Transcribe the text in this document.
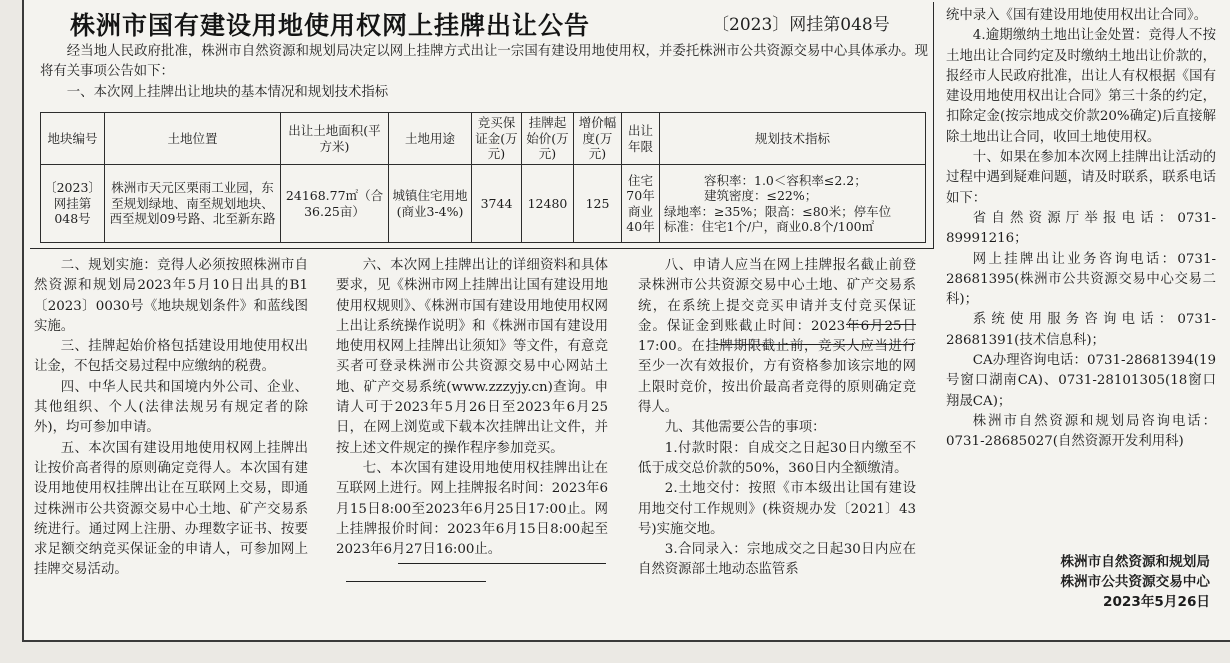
株洲市国有建设用地使用权网上挂牌出让公告	〔2023〕网挂第048号

经当地人民政府批准，株洲市自然资源和规划局决定以网上挂牌方式出让一宗国有建设用地使用权，并委托株洲市公共资源交易中心具体承办。现将有关事项公告如下：

一、本次网上挂牌出让地块的基本情况和规划技术指标

地块编号	土地位置	出让土地面积(平方米)	土地用途	竞买保证金(万元)	挂牌起始价(万元)	增价幅度(万元)	出让年限	规划技术指标
〔2023〕网挂第048号	株洲市天元区栗雨工业园，东至规划绿地、南至规划地块、西至规划09号路、北至新东路	24168.77㎡（合36.25亩）	城镇住宅用地(商业3-4%)	3744	12480	125	住宅70年商业40年	容积率：1.0＜容积率≤2.2；
建筑密度：≤22%；
绿地率：≥35%；限高：≤80米；停车位
标准：住宅1个/户，商业0.8个/100㎡

二、规划实施：竞得人必须按照株洲市自然资源和规划局2023年5月10日出具的B1〔2023〕0030号《地块规划条件》和蓝线图实施。

三、挂牌起始价格包括建设用地使用权出让金，不包括交易过程中应缴纳的税费。

四、中华人民共和国境内外公司、企业、其他组织、个人(法律法规另有规定者的除外)，均可参加申请。

五、本次国有建设用地使用权网上挂牌出让按价高者得的原则确定竞得人。本次国有建设用地使用权挂牌出让在互联网上交易，即通过株洲市公共资源交易中心土地、矿产交易系统进行。通过网上注册、办理数字证书、按要求足额交纳竞买保证金的申请人，可参加网上挂牌交易活动。

六、本次网上挂牌出让的详细资料和具体要求，见《株洲市网上挂牌出让国有建设用地使用权规则》、《株洲市国有建设用地使用权网上出让系统操作说明》和《株洲市国有建设用地使用权网上挂牌出让须知》等文件，有意竞买者可登录株洲市公共资源交易中心网站土地、矿产交易系统(www.zzzyjy.cn)查询。申请人可于2023年5月26日至2023年6月25日，在网上浏览或下载本次挂牌出让文件，并按上述文件规定的操作程序参加竞买。

七、本次国有建设用地使用权挂牌出让在互联网上进行。网上挂牌报名时间：2023年6月15日8:00至2023年6月25日17:00止。网上挂牌报价时间：2023年6月15日8:00起至2023年6月27日16:00止。

八、申请人应当在网上挂牌报名截止前登录株洲市公共资源交易中心土地、矿产交易系统，在系统上提交竞买申请并支付竞买保证金。保证金到账截止时间：2023年6月25日17:00。在挂牌期限截止前，竞买人应当进行至少一次有效报价，方有资格参加该宗地的网上限时竞价，按出价最高者竞得的原则确定竞得人。

九、其他需要公告的事项：

1.付款时限：自成交之日起30日内缴至不低于成交总价款的50%，360日内全额缴清。

2.土地交付：按照《市本级出让国有建设用地交付工作规则》(株资规办发〔2021〕43号)实施交地。

3.合同录入：宗地成交之日起30日内应在自然资源部土地动态监管系

统中录入《国有建设用地使用权出让合同》。

4.逾期缴纳土地出让金处置：竞得人不按土地出让合同约定及时缴纳土地出让价款的，报经市人民政府批准，出让人有权根据《国有建设用地使用权出让合同》第三十条的约定，扣除定金(按宗地成交价款20%确定)后直接解除土地出让合同，收回土地使用权。

十、如果在参加本次网上挂牌出让活动的过程中遇到疑难问题，请及时联系，联系电话如下：

省自然资源厅举报电话：0731-89991216；

网上挂牌出让业务咨询电话：0731-28681395(株洲市公共资源交易中心交易二科)；

系统使用服务咨询电话：0731-28681391(技术信息科)；

CA办理咨询电话：0731-28681394(19号窗口湖南CA)、0731-28101305(18窗口翔晟CA)；

株洲市自然资源和规划局咨询电话：0731-28685027(自然资源开发利用科)

株洲市自然资源和规划局
株洲市公共资源交易中心
2023年5月26日
